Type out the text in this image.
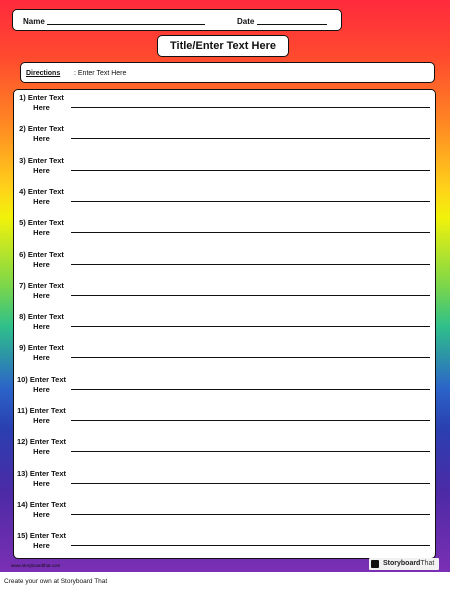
Name	Date
Title/Enter Text Here
Directions : Enter Text Here
1) Enter Text Here
2) Enter Text Here
3) Enter Text Here
4) Enter Text Here
5) Enter Text Here
6) Enter Text Here
7) Enter Text Here
8) Enter Text Here
9) Enter Text Here
10) Enter Text Here
11) Enter Text Here
12) Enter Text Here
13) Enter Text Here
14) Enter Text Here
15) Enter Text Here
www.storyboardthat.com	StoryboardThat
Create your own at Storyboard That
